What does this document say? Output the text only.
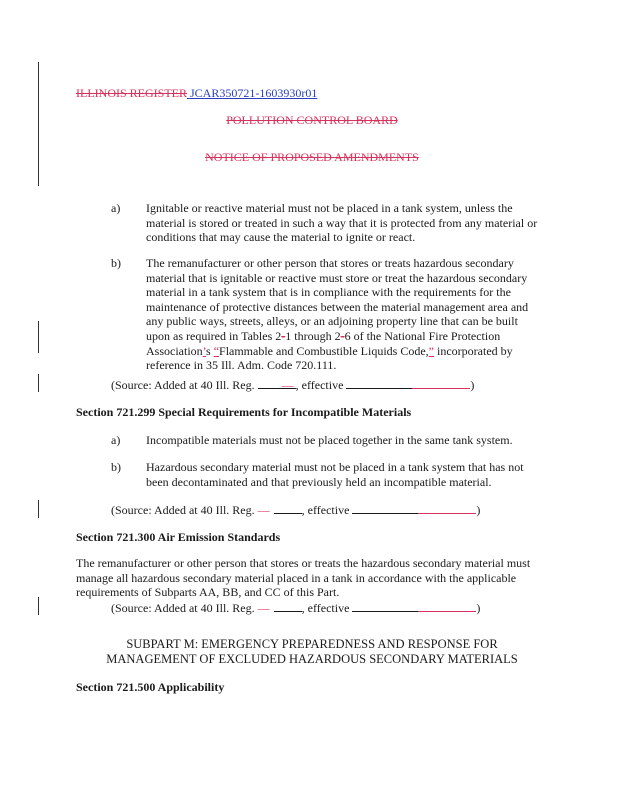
ILLINOIS REGISTER JCAR350721-1603930r01
POLLUTION CONTROL BOARD
NOTICE OF PROPOSED AMENDMENTS
a) Ignitable or reactive material must not be placed in a tank system, unless the material is stored or treated in such a way that it is protected from any material or conditions that may cause the material to ignite or react.
b) The remanufacturer or other person that stores or treats hazardous secondary material that is ignitable or reactive must store or treat the hazardous secondary material in a tank system that is in compliance with the requirements for the maintenance of protective distances between the material management area and any public ways, streets, alleys, or an adjoining property line that can be built upon as required in Tables 2-1 through 2-6 of the National Fire Protection Association’s “Flammable and Combustible Liquids Code,” incorporated by reference in 35 Ill. Adm. Code 720.111.
(Source: Added at 40 Ill. Reg. — , effective	)
Section 721.299 Special Requirements for Incompatible Materials
a) Incompatible materials must not be placed together in the same tank system.
b) Hazardous secondary material must not be placed in a tank system that has not been decontaminated and that previously held an incompatible material.
(Source: Added at 40 Ill. Reg. —	, effective	)
Section 721.300 Air Emission Standards
The remanufacturer or other person that stores or treats the hazardous secondary material must manage all hazardous secondary material placed in a tank in accordance with the applicable requirements of Subparts AA, BB, and CC of this Part.
(Source: Added at 40 Ill. Reg. —	, effective	)
SUBPART M: EMERGENCY PREPAREDNESS AND RESPONSE FOR
MANAGEMENT OF EXCLUDED HAZARDOUS SECONDARY MATERIALS
Section 721.500 Applicability
